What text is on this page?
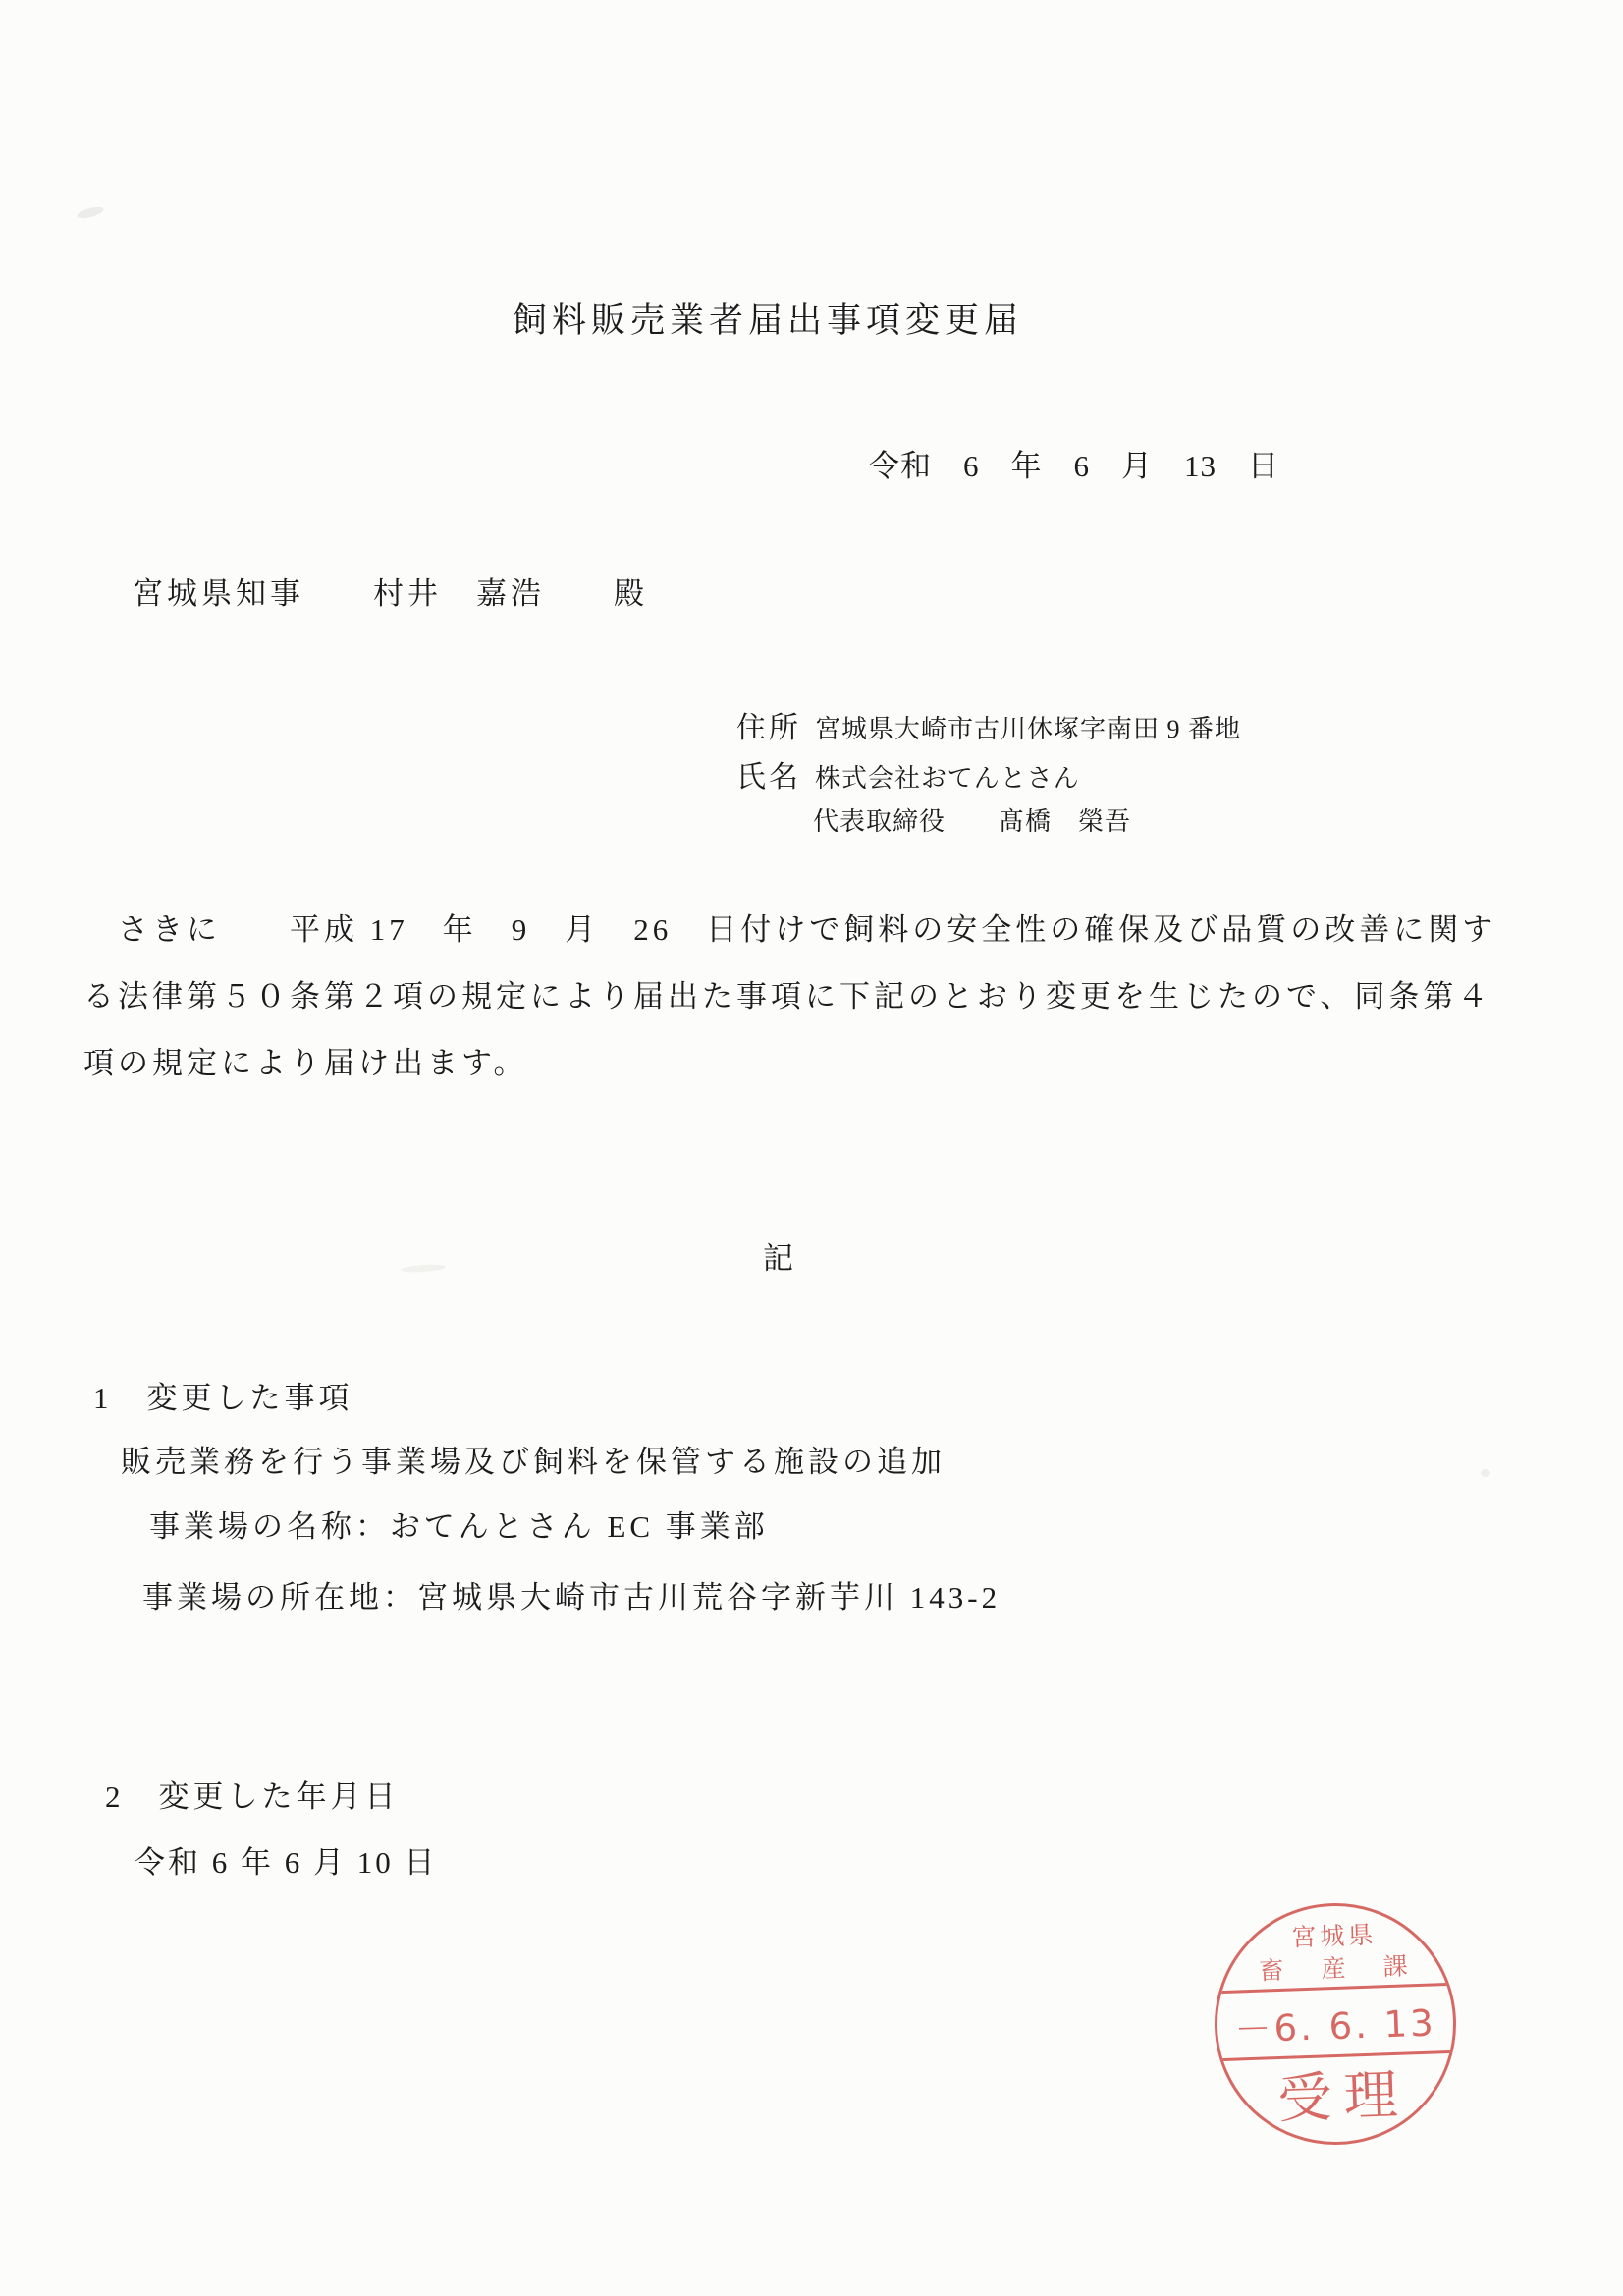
飼料販売業者届出事項変更届
令和　6　年　6　月　13　日
宮城県知事　　村井　嘉浩　　殿
住所 宮城県大崎市古川休塚字南田 9 番地
氏名 株式会社おてんとさん
代表取締役　　髙橋　榮吾
　さきに　　平成 17　年　9　月　26　日付けで飼料の安全性の確保及び品質の改善に関す
る法律第５０条第２項の規定により届出た事項に下記のとおり変更を生じたので、同条第４
項の規定により届け出ます。
記
1　変更した事項
販売業務を行う事業場及び飼料を保管する施設の追加
事業場の名称：おてんとさん EC 事業部
事業場の所在地：宮城県大崎市古川荒谷字新芋川 143-2
2　変更した年月日
令和 6 年 6 月 10 日
宮城県
畜 産 課
－6. 6. 13
受理
